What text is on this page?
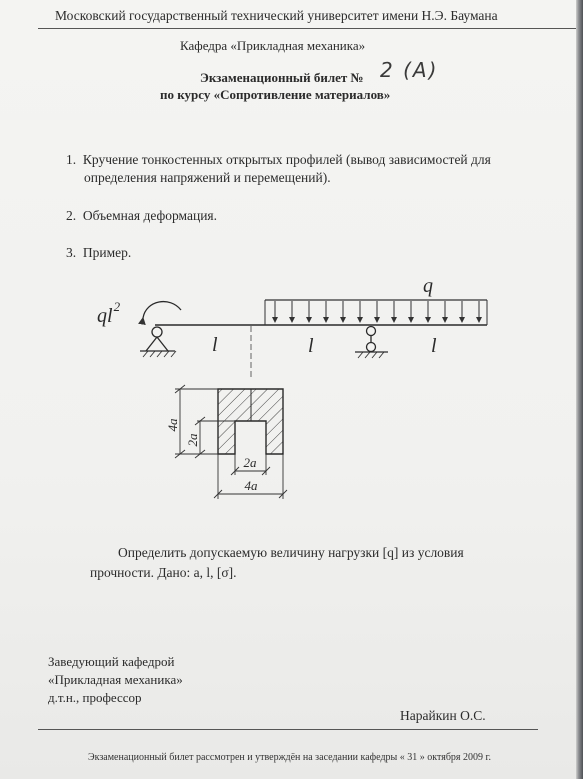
Московский государственный технический университет имени Н.Э. Баумана
Кафедра «Прикладная механика»
Экзаменационный билет № 2 (А)
по курсу «Сопротивление материалов»
1. Кручение тонкостенных открытых профилей (вывод зависимостей для
определения напряжений и перемещений).
2. Объемная деформация.
3. Пример.
q
$ql^2$
l	l	l
4a
2a
2a
4a
Определить допускаемую величину нагрузки [q] из условия
прочности. Дано: a, l, [σ].
Заведующий кафедрой
«Прикладная механика»
д.т.н., профессор
Нарайкин О.С.
Экзаменационный билет рассмотрен и утверждён на заседании кафедры « 31 » октября 2009 г.
